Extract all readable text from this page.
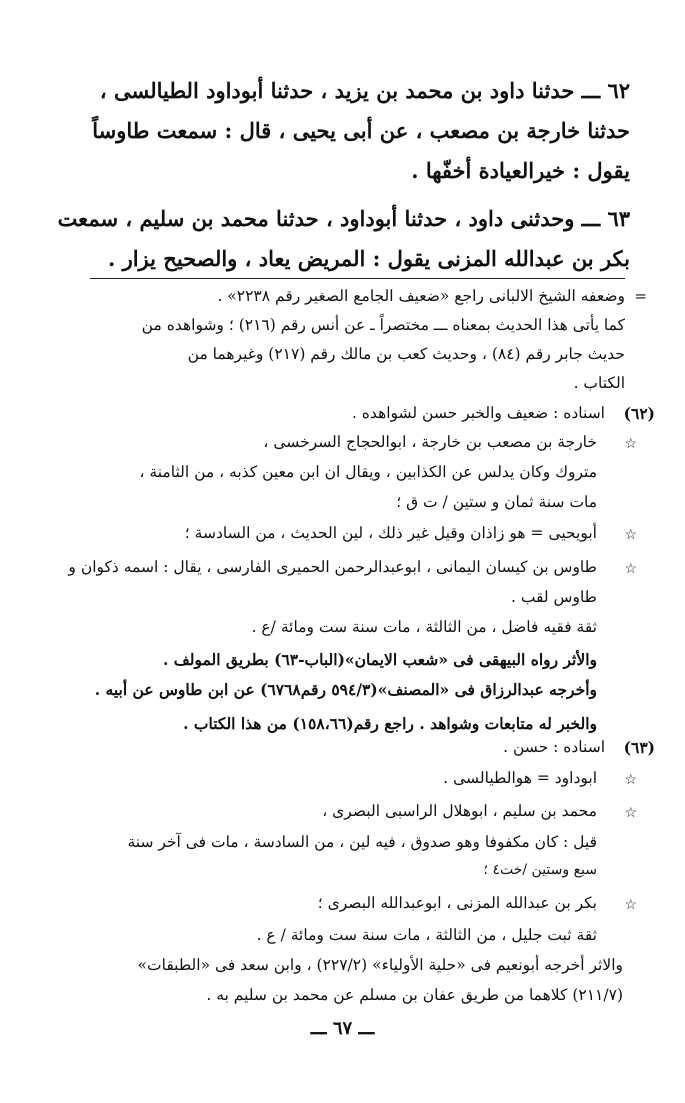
٦٢ ـــ حدثنا داود بن محمد بن يزيد ، حدثنا أبوداود الطيالسى ،
حدثنا خارجة بن مصعب ، عن أبى يحيى ، قال : سمعت طاوساً
يقول : خيرالعيادة أخفّها .
٦٣ ـــ وحدثنى داود ، حدثنا أبوداود ، حدثنا محمد بن سليم ، سمعت
بكر بن عبدالله المزنى يقول : المريض يعاد ، والصحيح يزار .
=
وضعفه الشيخ الالبانى راجع «ضعيف الجامع الصغير رقم ٢٢٣٨» .
كما يأتى هذا الحديث بمعناه ـــ مختصراً ـ عن أنس رقم (٢١٦) ؛ وشواهده من
حديث جابر رقم (٨٤) ، وحديث كعب بن مالك رقم (٢١٧) وغيرهما من
الكتاب .
(٦٢)
اسناده : ضعيف والخبر حسن لشواهده .
☆
خارجة بن مصعب بن خارجة ، ابوالحجاج السرخسى ،
متروك وكان يدلس عن الكذابين ، ويقال ان ابن معين كذبه ، من الثامنة ،
مات سنة ثمان و ستين / ت ق ؛
☆
أبويحيى = هو زاذان وقيل غير ذلك ، لين الحديث ، من السادسة ؛
☆
طاوس بن كيسان اليمانى ، ابوعبدالرحمن الحميرى الفارسى ، يقال : اسمه ذكوان و
طاوس لقب .
ثقة فقيه فاضل ، من الثالثة ، مات سنة ست ومائة /ع .
والأثر رواه البيهقى فى «شعب الايمان»(الباب-٦٣) بطريق المولف .
وأخرجه عبدالرزاق فى «المصنف»(٥٩٤/٣ رقم٦٧٦٨) عن ابن طاوس عن أبيه .
والخبر له متابعات وشواهد . راجع رقم(١٥٨،٦٦) من هذا الكتاب .
(٦٣)
اسناده : حسن .
☆
ابوداود = هوالطيالسى .
☆
محمد بن سليم ، ابوهلال الراسبى البصرى ،
قيل : كان مكفوفا وهو صدوق ، فيه لين ، من السادسة ، مات فى آخر سنة
سبع وستين /خت٤ ؛
☆
بكر بن عبدالله المزنى ، ابوعبدالله البصرى ؛
ثقة ثبت جليل ، من الثالثة ، مات سنة ست ومائة / ع .
والاثر أخرجه أبونعيم فى «حلية الأولياء» (٢٢٧/٢) ، وابن سعد فى «الطبقات»
(٢١١/٧) كلاهما من طريق عفان بن مسلم عن محمد بن سليم به .
ـــ ٦٧ ـــ
